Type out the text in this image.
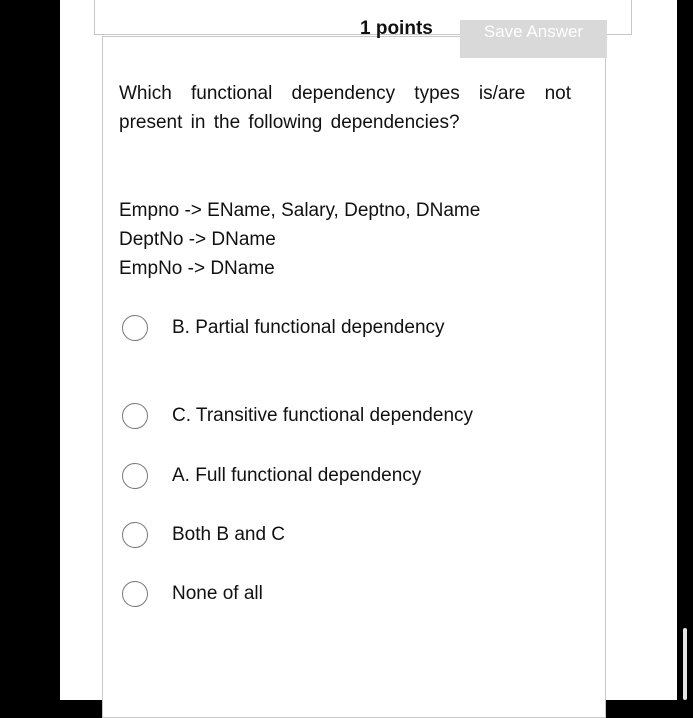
1 points	Save Answer
Which functional dependency types is/are not present in the following dependencies?
Empno -> EName, Salary, Deptno, DName
DeptNo -> DName
EmpNo -> DName
B. Partial functional dependency
C. Transitive functional dependency
A. Full functional dependency
Both B and C
None of all
